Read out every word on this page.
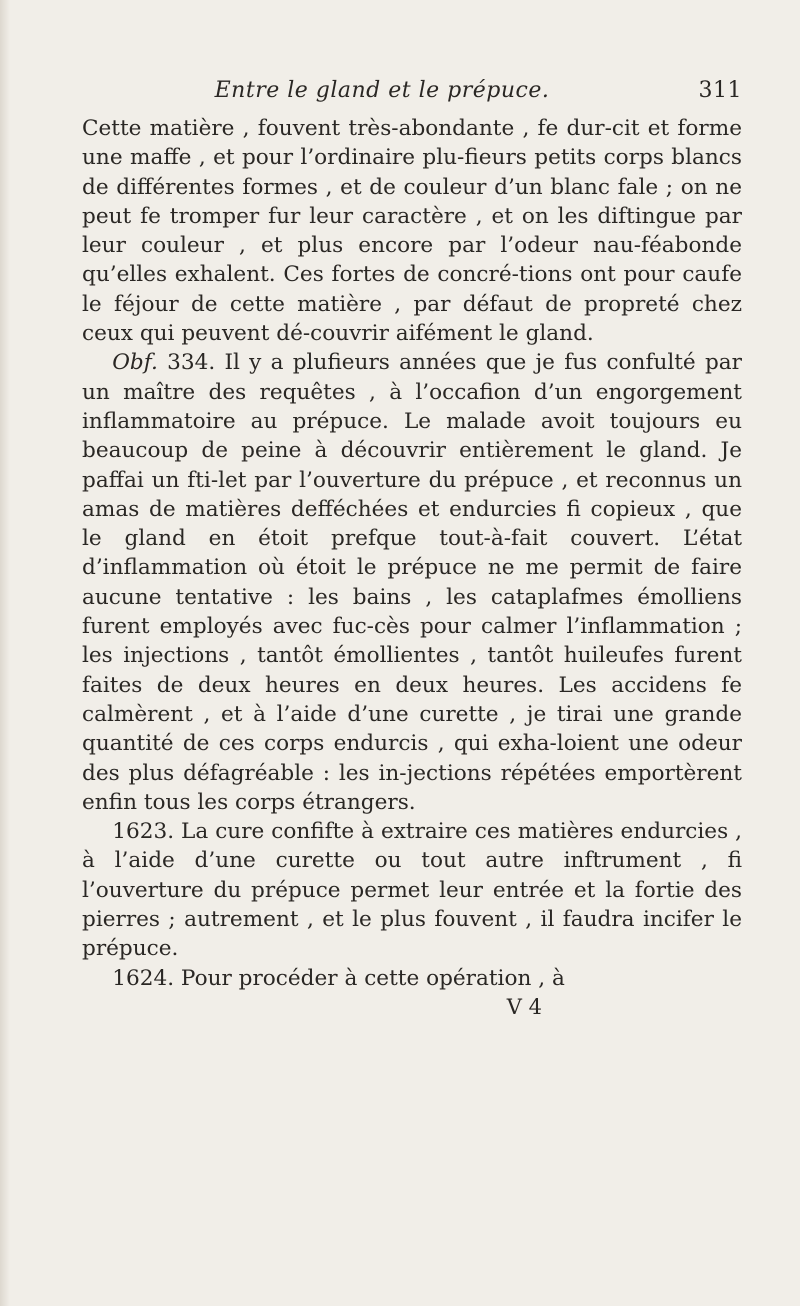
Entre le gland et le prépuce.	311

Cette matière , fouvent très-abondante , fe dur-cit et forme une maffe , et pour l’ordinaire plu-fieurs petits corps blancs de différentes formes , et de couleur d’un blanc fale ; on ne peut fe tromper fur leur caractère , et on les diftingue par leur couleur , et plus encore par l’odeur nau-féabonde qu’elles exhalent. Ces fortes de concré-tions ont pour caufe le féjour de cette matière , par défaut de propreté chez ceux qui peuvent dé-couvrir aifément le gland.

Obf. 334. Il y a plufieurs années que je fus confulté par un maître des requêtes , à l’occafion d’un engorgement inflammatoire au prépuce. Le malade avoit toujours eu beaucoup de peine à découvrir entièrement le gland. Je paffai un fti-let par l’ouverture du prépuce , et reconnus un amas de matières defféchées et endurcies fi copieux , que le gland en étoit prefque tout-à-fait couvert. L’état d’inflammation où étoit le prépuce ne me permit de faire aucune tentative : les bains , les cataplafmes émolliens furent employés avec fuc-cès pour calmer l’inflammation ; les injections , tantôt émollientes , tantôt huileufes furent faites de deux heures en deux heures. Les accidens fe calmèrent , et à l’aide d’une curette , je tirai une grande quantité de ces corps endurcis , qui exha-loient une odeur des plus défagréable : les in-jections répétées emportèrent enfin tous les corps étrangers.

1623. La cure confifte à extraire ces matières endurcies , à l’aide d’une curette ou tout autre inftrument , fi l’ouverture du prépuce permet leur entrée et la fortie des pierres ; autrement , et le plus fouvent , il faudra incifer le prépuce.

1624. Pour procéder à cette opération , à

V 4
